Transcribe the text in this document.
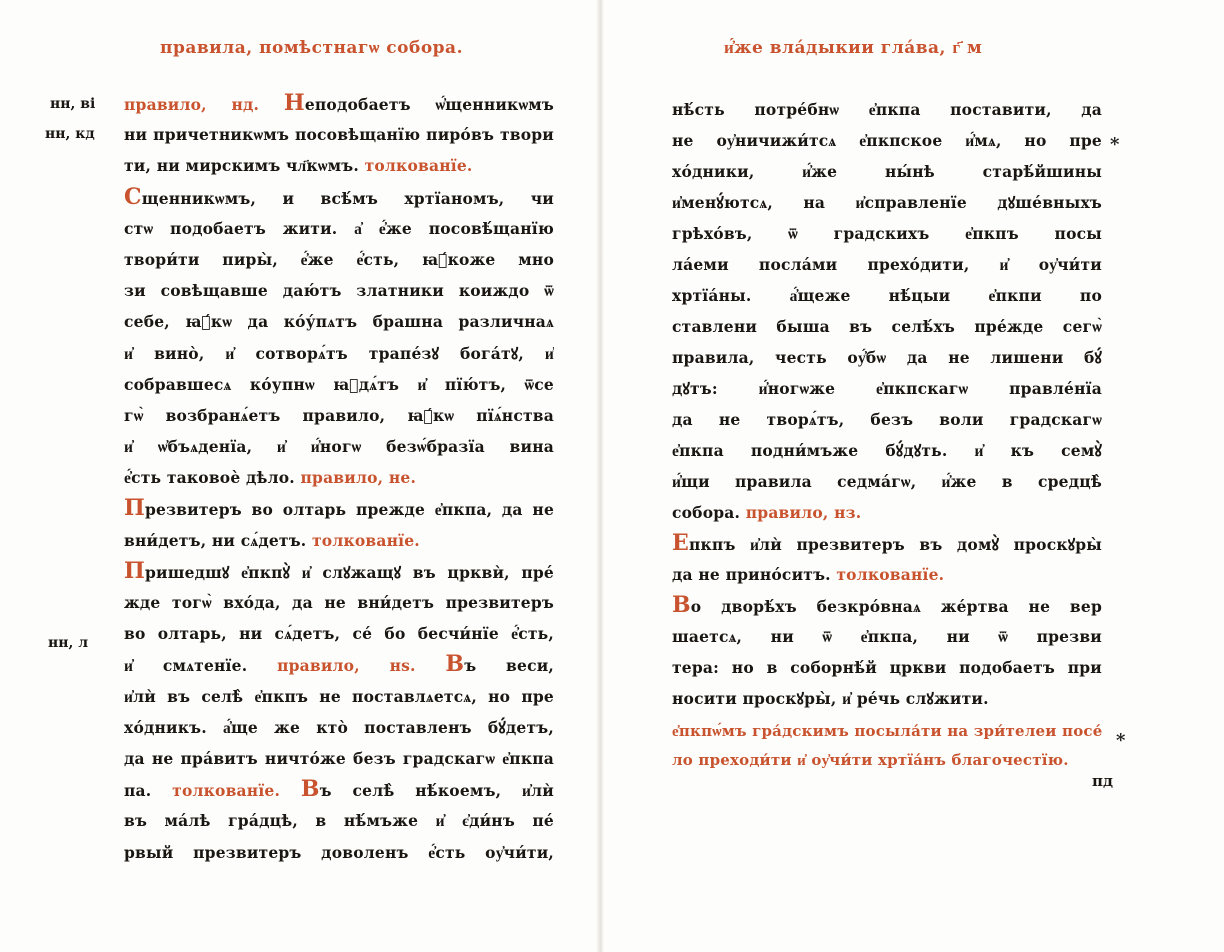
правила, помѣстнагѡ собора.
нн, ві
нн, кд
нн, л
правило, нд. Неподобаетъ ѡ҆́щенникѡмъ
ни причетникѡмъ посовѣщанїю пиро́въ твори
ти, ни мирскимъ чл҃кѡмъ. толкованїе.
Сщенникѡмъ, и всѣ́мъ хртїаномъ, чи
стѡ подобаетъ жити. а҆ е҆́же посовѣ́щанїю
твори́ти пиры̀, е҆́же е҆́сть, ꙗ҆́коже мно
зи совѣщавше даю́тъ златники коиждо ѿ
себе, ꙗ҆́кѡ да ко́у́пѧтъ брашна различнаѧ
и҆ вино̀, и҆ сотворѧ́тъ трапе́зꙋ бога́тꙋ, и҆
собравшесѧ ко́упнѡ ꙗ҆дѧ́тъ и҆ пїю́тъ, ѿсе
гѡ̀ возбранѧ́етъ правило, ꙗ҆́кѡ пїѧ́нства
и҆ ѡ҆бъѧденїа, и҆ и҆́ногѡ безѡ́бразїа вина
е҆́сть таковоѐ дѣло. правило, не.
Презвитеръ во олтарь прежде е҆пкпа, да не
вни́детъ, ни сѧ́детъ. толкованїе.
Пришедшꙋ е҆пкпꙋ̀ и҆ слꙋжащꙋ въ црквѝ, пре́
жде тогѡ̀ вхо́да, да не вни́детъ презвитеръ
во олтарь, ни сѧ́детъ, се́ бо бесчи́нїе е҆́сть,
и҆ смѧтенїе. правило, нѕ. Въ веси,
и҆лѝ въ селѣ̀ е҆пкпъ не поставлѧетсѧ, но пре
хо́дникъ. а҆́ще же кто̀ поставленъ бꙋ́детъ,
да не пра́витъ ничто́же безъ градскагѡ е҆пкпа
па. толкованїе. Въ селѣ̀ нѣ́коемъ, и҆лѝ
въ ма́лѣ гра́дцѣ, в нѣ́мъже и҆ є҆ди́нъ пе́
рвый презвитеръ доволенъ е҆́сть оу҆чи́ти,
и҆́же вла́дыкии гла́ва, г҃ м
нѣ́сть потре́бнѡ е҆пкпа поставити, да
не оу҆ничижи́тсѧ е҆пкпское и҆́мѧ, но пре
хо́дники, и҆́же ны́нѣ старѣ́йшины
и҆менꙋ́ютсѧ, на и҆справленїе дꙋше́вныхъ
грѣхо́въ, ѿ градскихъ е҆пкпъ посы
ла́еми посла́ми прехо́дити, и҆ оу҆чи́ти
хртїа́ны. а҆́щеже нѣ́цыи е҆пкпи по
ставлени быша въ селѣ́хъ пре́жде сегѡ̀
правила, честь оу҆́бѡ да не лишени бꙋ́
дꙋтъ: и҆́ногѡже е҆пкпскагѡ правле́нїа
да не творѧ́тъ, безъ воли градскагѡ
е҆пкпа подни́мъже бꙋ́дꙋть. и҆ къ семꙋ̀
и҆́щи правила седма́гѡ, и҆́же в средцѣ̀
собора. правило, нз.
Епкпъ и҆лѝ презвитеръ въ домꙋ̀ проскꙋры̀
да не прино́ситъ. толкованїе.
Во дворѣ́хъ безкро́внаѧ же́ртва не вер
шаетсѧ, ни ѿ е҆пкпа, ни ѿ презви
тера: но в соборнѣ́й цркви подобаетъ при
носити проскꙋры̀, и҆ ре́чь слꙋжити.
е҆пкпѡ́мъ гра́дскимъ посыла́ти на зри́телеи посе́
ло преходи́ти и҆ оу҆чи́ти хртїа́нъ благочестїю.
*
*
пд
